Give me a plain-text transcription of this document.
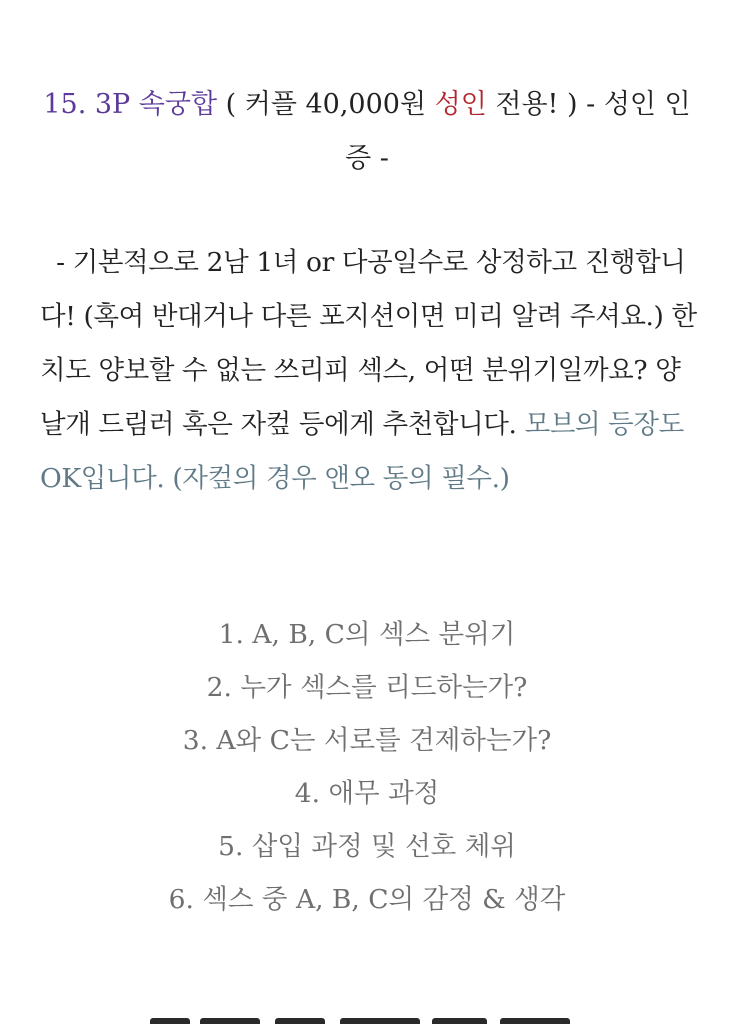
15. 3P 속궁합 ( 커플 40,000원 성인 전용! ) - 성인 인증 -
- 기본적으로 2남 1녀 or 다공일수로 상정하고 진행합니다! (혹여 반대거나 다른 포지션이면 미리 알려 주셔요.) 한 치도 양보할 수 없는 쓰리피 섹스, 어떤 분위기일까요? 양날개 드림러 혹은 자컾 등에게 추천합니다. 모브의 등장도 OK입니다. (자컾의 경우 앤오 동의 필수.)
1. A, B, C의 섹스 분위기
2. 누가 섹스를 리드하는가?
3. A와 C는 서로를 견제하는가?
4. 애무 과정
5. 삽입 과정 및 선호 체위
6. 섹스 중 A, B, C의 감정 & 생각
